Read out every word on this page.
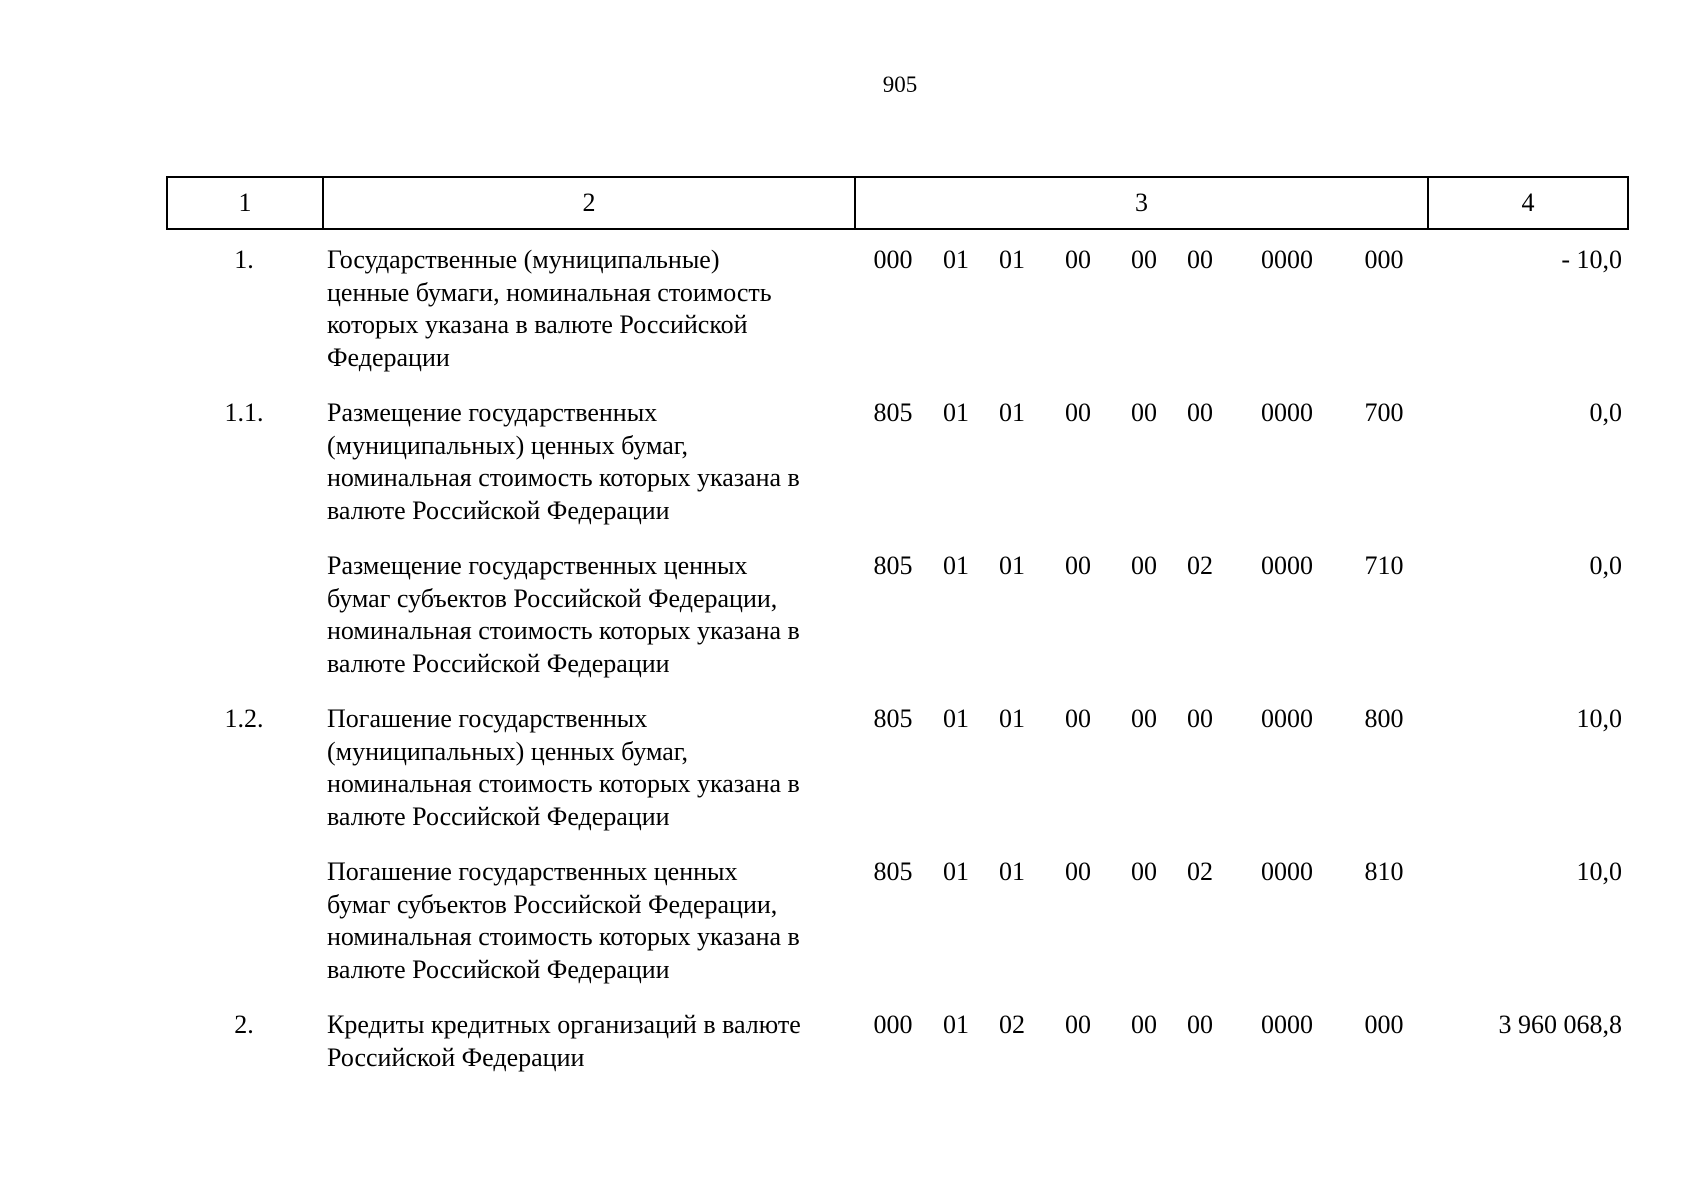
905
1	2	3	4
1.	Государственные (муниципальные)
ценные бумаги, номинальная стоимость
которых указана в валюте Российской
Федерации
000 01 01 00 00 00	0000	000	- 10,0
1.1.	Размещение государственных
(муниципальных) ценных бумаг,
номинальная стоимость которых указана в
валюте Российской Федерации
805 01 01 00 00 00	0000	700	0,0
Размещение государственных ценных
бумаг субъектов Российской Федерации,
номинальная стоимость которых указана в
валюте Российской Федерации
805 01 01 00 00 02	0000	710	0,0
1.2.	Погашение государственных
(муниципальных) ценных бумаг,
номинальная стоимость которых указана в
валюте Российской Федерации
805 01 01 00 00 00	0000	800	10,0
Погашение государственных ценных
бумаг субъектов Российской Федерации,
номинальная стоимость которых указана в
валюте Российской Федерации
805 01 01 00 00 02	0000	810	10,0
2.	Кредиты кредитных организаций в валюте
Российской Федерации
000 01 02 00 00 00	0000	000	3 960 068,8
